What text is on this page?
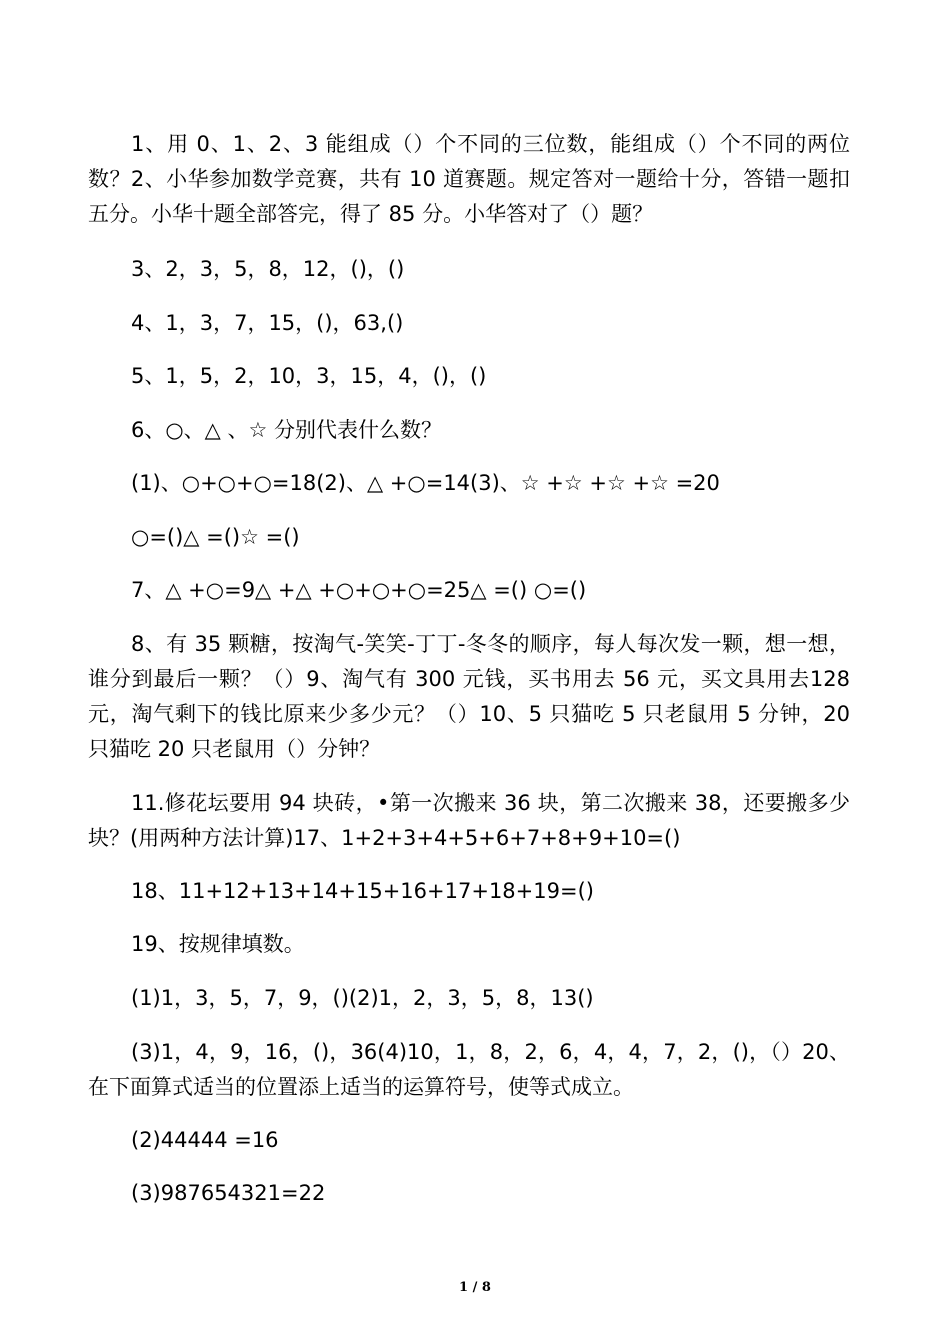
1、用 0、1、2、3 能组成（）个不同的三位数，能组成（）个不同的两位数？2、小华参加数学竞赛，共有 10 道赛题。规定答对一题给十分，答错一题扣五分。小华十题全部答完，得了 85 分。小华答对了（）题？

3、2，3，5，8，12，()，()

4、1，3，7，15，()，63,()

5、1，5，2，10，3，15，4，()，()

6、○、△ 、☆ 分别代表什么数？

(1)、○+○+○=18(2)、△ +○=14(3)、☆ +☆ +☆ +☆ =20

○=()△ =()☆ =()

7、△ +○=9△ +△ +○+○+○=25△ =() ○=()

8、有 35 颗糖，按淘气-笑笑-丁丁-冬冬的顺序，每人每次发一颗，想一想，谁分到最后一颗？（）9、淘气有 300 元钱，买书用去 56 元，买文具用去128 元，淘气剩下的钱比原来少多少元？（）10、5 只猫吃 5 只老鼠用 5 分钟，20 只猫吃 20 只老鼠用（）分钟？

11.修花坛要用 94 块砖，•第一次搬来 36 块，第二次搬来 38，还要搬多少块？(用两种方法计算)17、1+2+3+4+5+6+7+8+9+10=()

18、11+12+13+14+15+16+17+18+19=()

19、按规律填数。

(1)1，3，5，7，9，()(2)1，2，3，5，8，13()

(3)1，4，9，16，()，36(4)10，1，8，2，6，4，4，7，2，()，（）20、在下面算式适当的位置添上适当的运算符号，使等式成立。

(2)44444 =16

(3)987654321=22

1 / 8
